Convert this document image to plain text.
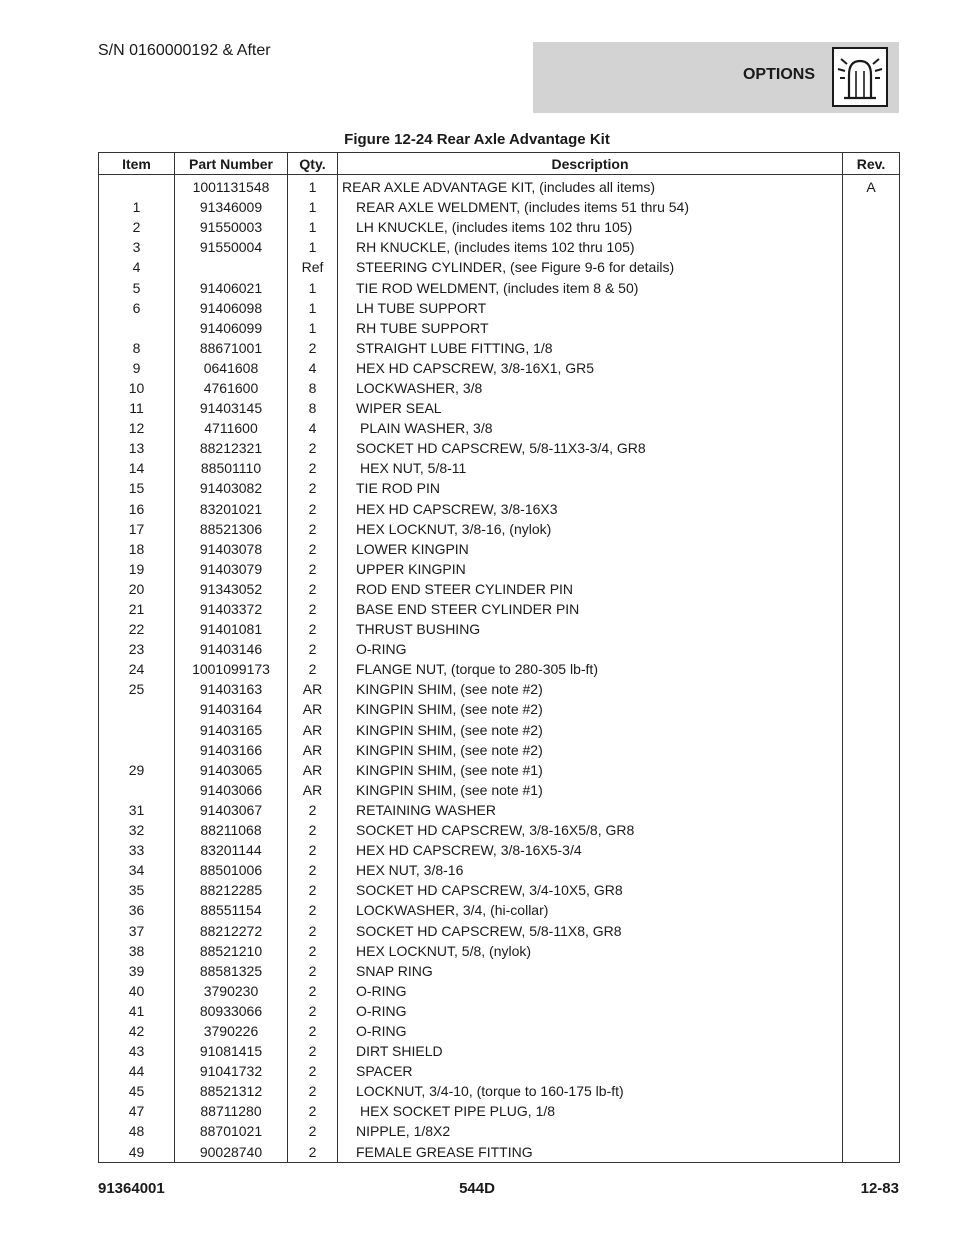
S/N 0160000192 & After
OPTIONS
Figure 12-24 Rear Axle Advantage Kit
Item	Part Number	Qty.	Description	Rev.
	1001131548	1	REAR AXLE ADVANTAGE KIT, (includes all items)	A
1	91346009	1	REAR AXLE WELDMENT, (includes items 51 thru 54)	
2	91550003	1	LH KNUCKLE, (includes items 102 thru 105)	
3	91550004	1	RH KNUCKLE, (includes items 102 thru 105)	
4		Ref	STEERING CYLINDER, (see Figure 9-6 for details)	
5	91406021	1	TIE ROD WELDMENT, (includes item 8 & 50)	
6	91406098	1	LH TUBE SUPPORT	
	91406099	1	RH TUBE SUPPORT	
8	88671001	2	STRAIGHT LUBE FITTING, 1/8	
9	0641608	4	HEX HD CAPSCREW, 3/8-16X1, GR5	
10	4761600	8	LOCKWASHER, 3/8	
11	91403145	8	WIPER SEAL	
12	4711600	4	PLAIN WASHER, 3/8	
13	88212321	2	SOCKET HD CAPSCREW, 5/8-11X3-3/4, GR8	
14	88501110	2	HEX NUT, 5/8-11	
15	91403082	2	TIE ROD PIN	
16	83201021	2	HEX HD CAPSCREW, 3/8-16X3	
17	88521306	2	HEX LOCKNUT, 3/8-16, (nylok)	
18	91403078	2	LOWER KINGPIN	
19	91403079	2	UPPER KINGPIN	
20	91343052	2	ROD END STEER CYLINDER PIN	
21	91403372	2	BASE END STEER CYLINDER PIN	
22	91401081	2	THRUST BUSHING	
23	91403146	2	O-RING	
24	1001099173	2	FLANGE NUT, (torque to 280-305 lb-ft)	
25	91403163	AR	KINGPIN SHIM, (see note #2)	
	91403164	AR	KINGPIN SHIM, (see note #2)	
	91403165	AR	KINGPIN SHIM, (see note #2)	
	91403166	AR	KINGPIN SHIM, (see note #2)	
29	91403065	AR	KINGPIN SHIM, (see note #1)	
	91403066	AR	KINGPIN SHIM, (see note #1)	
31	91403067	2	RETAINING WASHER	
32	88211068	2	SOCKET HD CAPSCREW, 3/8-16X5/8, GR8	
33	83201144	2	HEX HD CAPSCREW, 3/8-16X5-3/4	
34	88501006	2	HEX NUT, 3/8-16	
35	88212285	2	SOCKET HD CAPSCREW, 3/4-10X5, GR8	
36	88551154	2	LOCKWASHER, 3/4, (hi-collar)	
37	88212272	2	SOCKET HD CAPSCREW, 5/8-11X8, GR8	
38	88521210	2	HEX LOCKNUT, 5/8, (nylok)	
39	88581325	2	SNAP RING	
40	3790230	2	O-RING	
41	80933066	2	O-RING	
42	3790226	2	O-RING	
43	91081415	2	DIRT SHIELD	
44	91041732	2	SPACER	
45	88521312	2	LOCKNUT, 3/4-10, (torque to 160-175 lb-ft)	
47	88711280	2	HEX SOCKET PIPE PLUG, 1/8	
48	88701021	2	NIPPLE, 1/8X2	
49	90028740	2	FEMALE GREASE FITTING	
91364001	544D	12-83
